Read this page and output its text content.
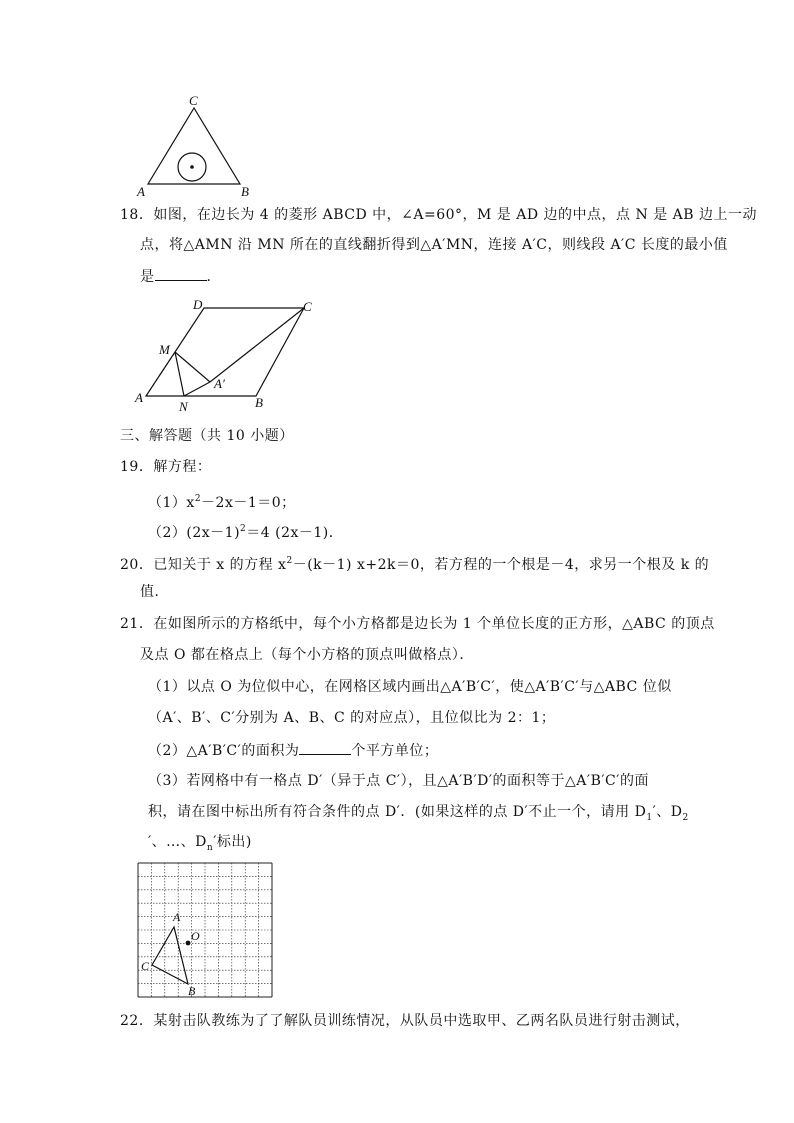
C
A	B
18．如图，在边长为 4 的菱形 ABCD 中，∠A=60°，M 是 AD 边的中点，点 N 是 AB 边上一动
点，将△AMN 沿 MN 所在的直线翻折得到△A′MN，连接 A′C，则线段 A′C 长度的最小值
是	．
D	C
M
A′
A
N	B
三、解答题（共 10 小题）
19．解方程：
$(1)x^2-2x-1=0$；
$(2)(2x-1)^2=4$ (2x－1)．
20．已知关于 x 的方程 $x^2-(k-1)$ x+2k＝0，若方程的一个根是－4，求另一个根及 k 的
值．
21．在如图所示的方格纸中，每个小方格都是边长为 1 个单位长度的正方形，△ABC 的顶点
及点 O 都在格点上（每个小方格的顶点叫做格点）．
（1）以点 O 为位似中心，在网格区域内画出△A′B′C′，使△A′B′C′与△ABC 位似
（A′、B′、C′分别为 A、B、C 的对应点），且位似比为 2：1；
（2）△A′B′C′的面积为	个平方单位；
（3）若网格中有一格点 D′（异于点 C′），且△A′B′D′的面积等于△A′B′C′的面
积，请在图中标出所有符合条件的点 D′．(如果这样的点 D′不止一个，请用 $D_1'$、$D_2$
′、…、$D_n'$标出)
A
O
C
B
22．某射击队教练为了了解队员训练情况，从队员中选取甲、乙两名队员进行射击测试，
